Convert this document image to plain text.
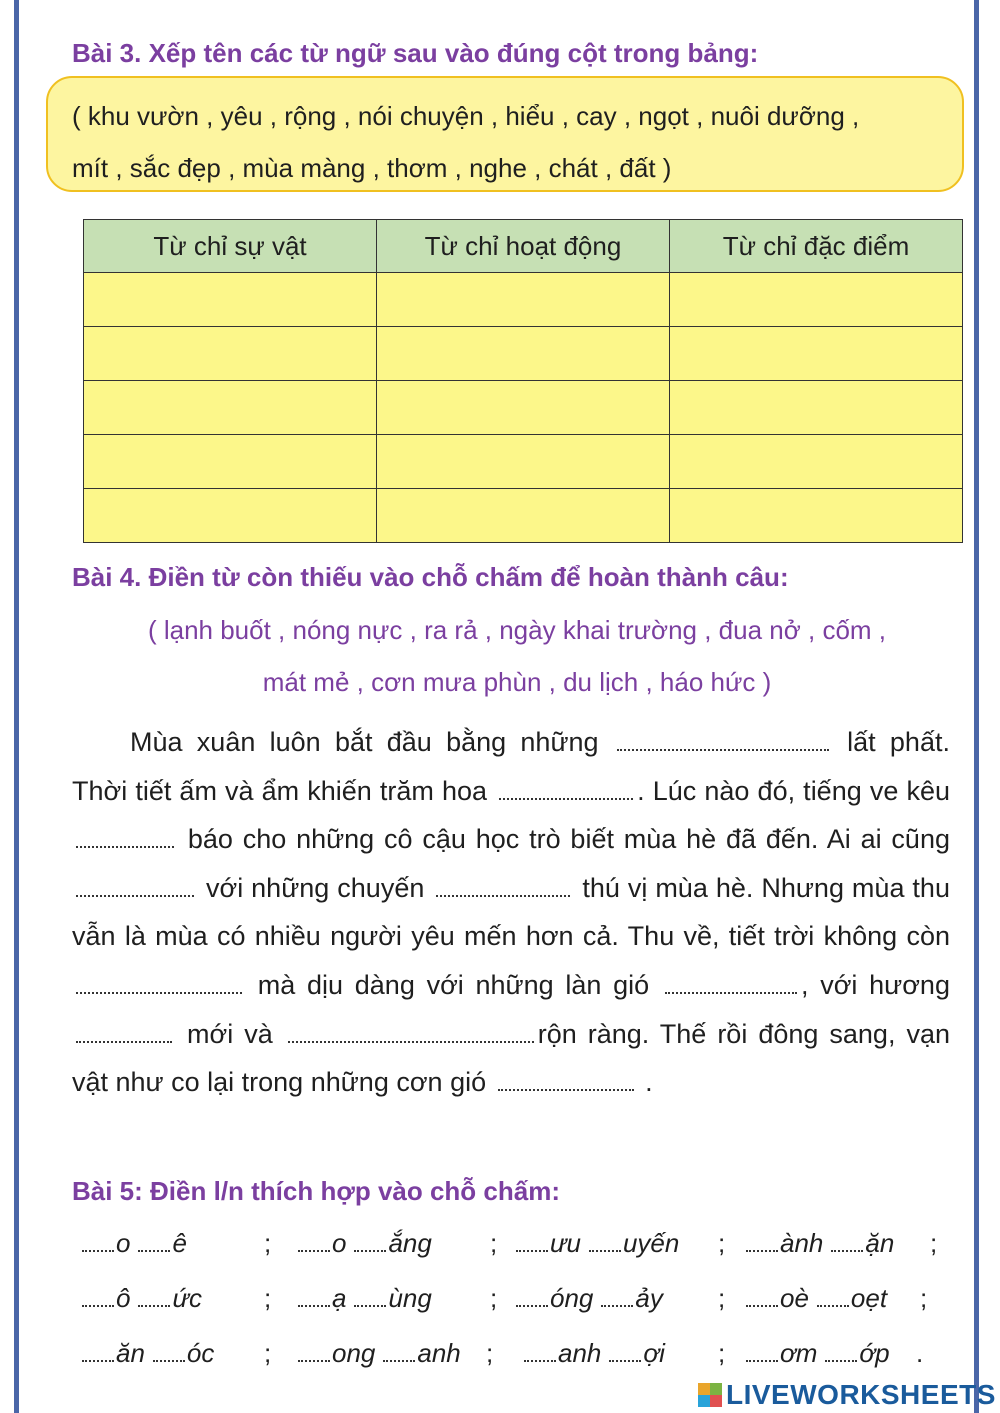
Bài 3. Xếp tên các từ ngữ sau vào đúng cột trong bảng:
( khu vườn , yêu , rộng , nói chuyện , hiểu , cay , ngọt , nuôi dưỡng ,
mít , sắc đẹp , mùa màng , thơm , nghe , chát , đất )
Từ chỉ sự vật	Từ chỉ hoạt động	Từ chỉ đặc điểm

Bài 4. Điền từ còn thiếu vào chỗ chấm để hoàn thành câu:
( lạnh buốt , nóng nực , ra rả , ngày khai trường , đua nở , cốm ,
mát mẻ , cơn mưa phùn , du lịch , háo hức )
Mùa xuân luôn bắt đầu bằng những	lất phất. Thời tiết ấm và ẩm khiến trăm hoa	. Lúc nào đó, tiếng ve kêu  báo cho những cô cậu học trò biết mùa hè đã đến. Ai ai cũng  với những chuyến	thú vị mùa hè. Nhưng mùa thu vẫn là mùa có nhiều người yêu mến hơn cả. Thu về, tiết trời không còn  mà dịu dàng với những làn gió	, với hương  mới và	rộn ràng. Thế rồi đông sang, vạn vật như co lại trong những cơn gió	.
Bài 5: Điền l/n thích hợp vào chỗ chấm:
o ê	;	o ắng ;	ưu uyến ;	ành ặn ;
ô ức ;	ạ ùng ;	óng ảy ;	oè oẹt ;
ăn óc ;	ong anh ;	anh ợi ;	ơm ớp .
LIVEWORKSHEETS
